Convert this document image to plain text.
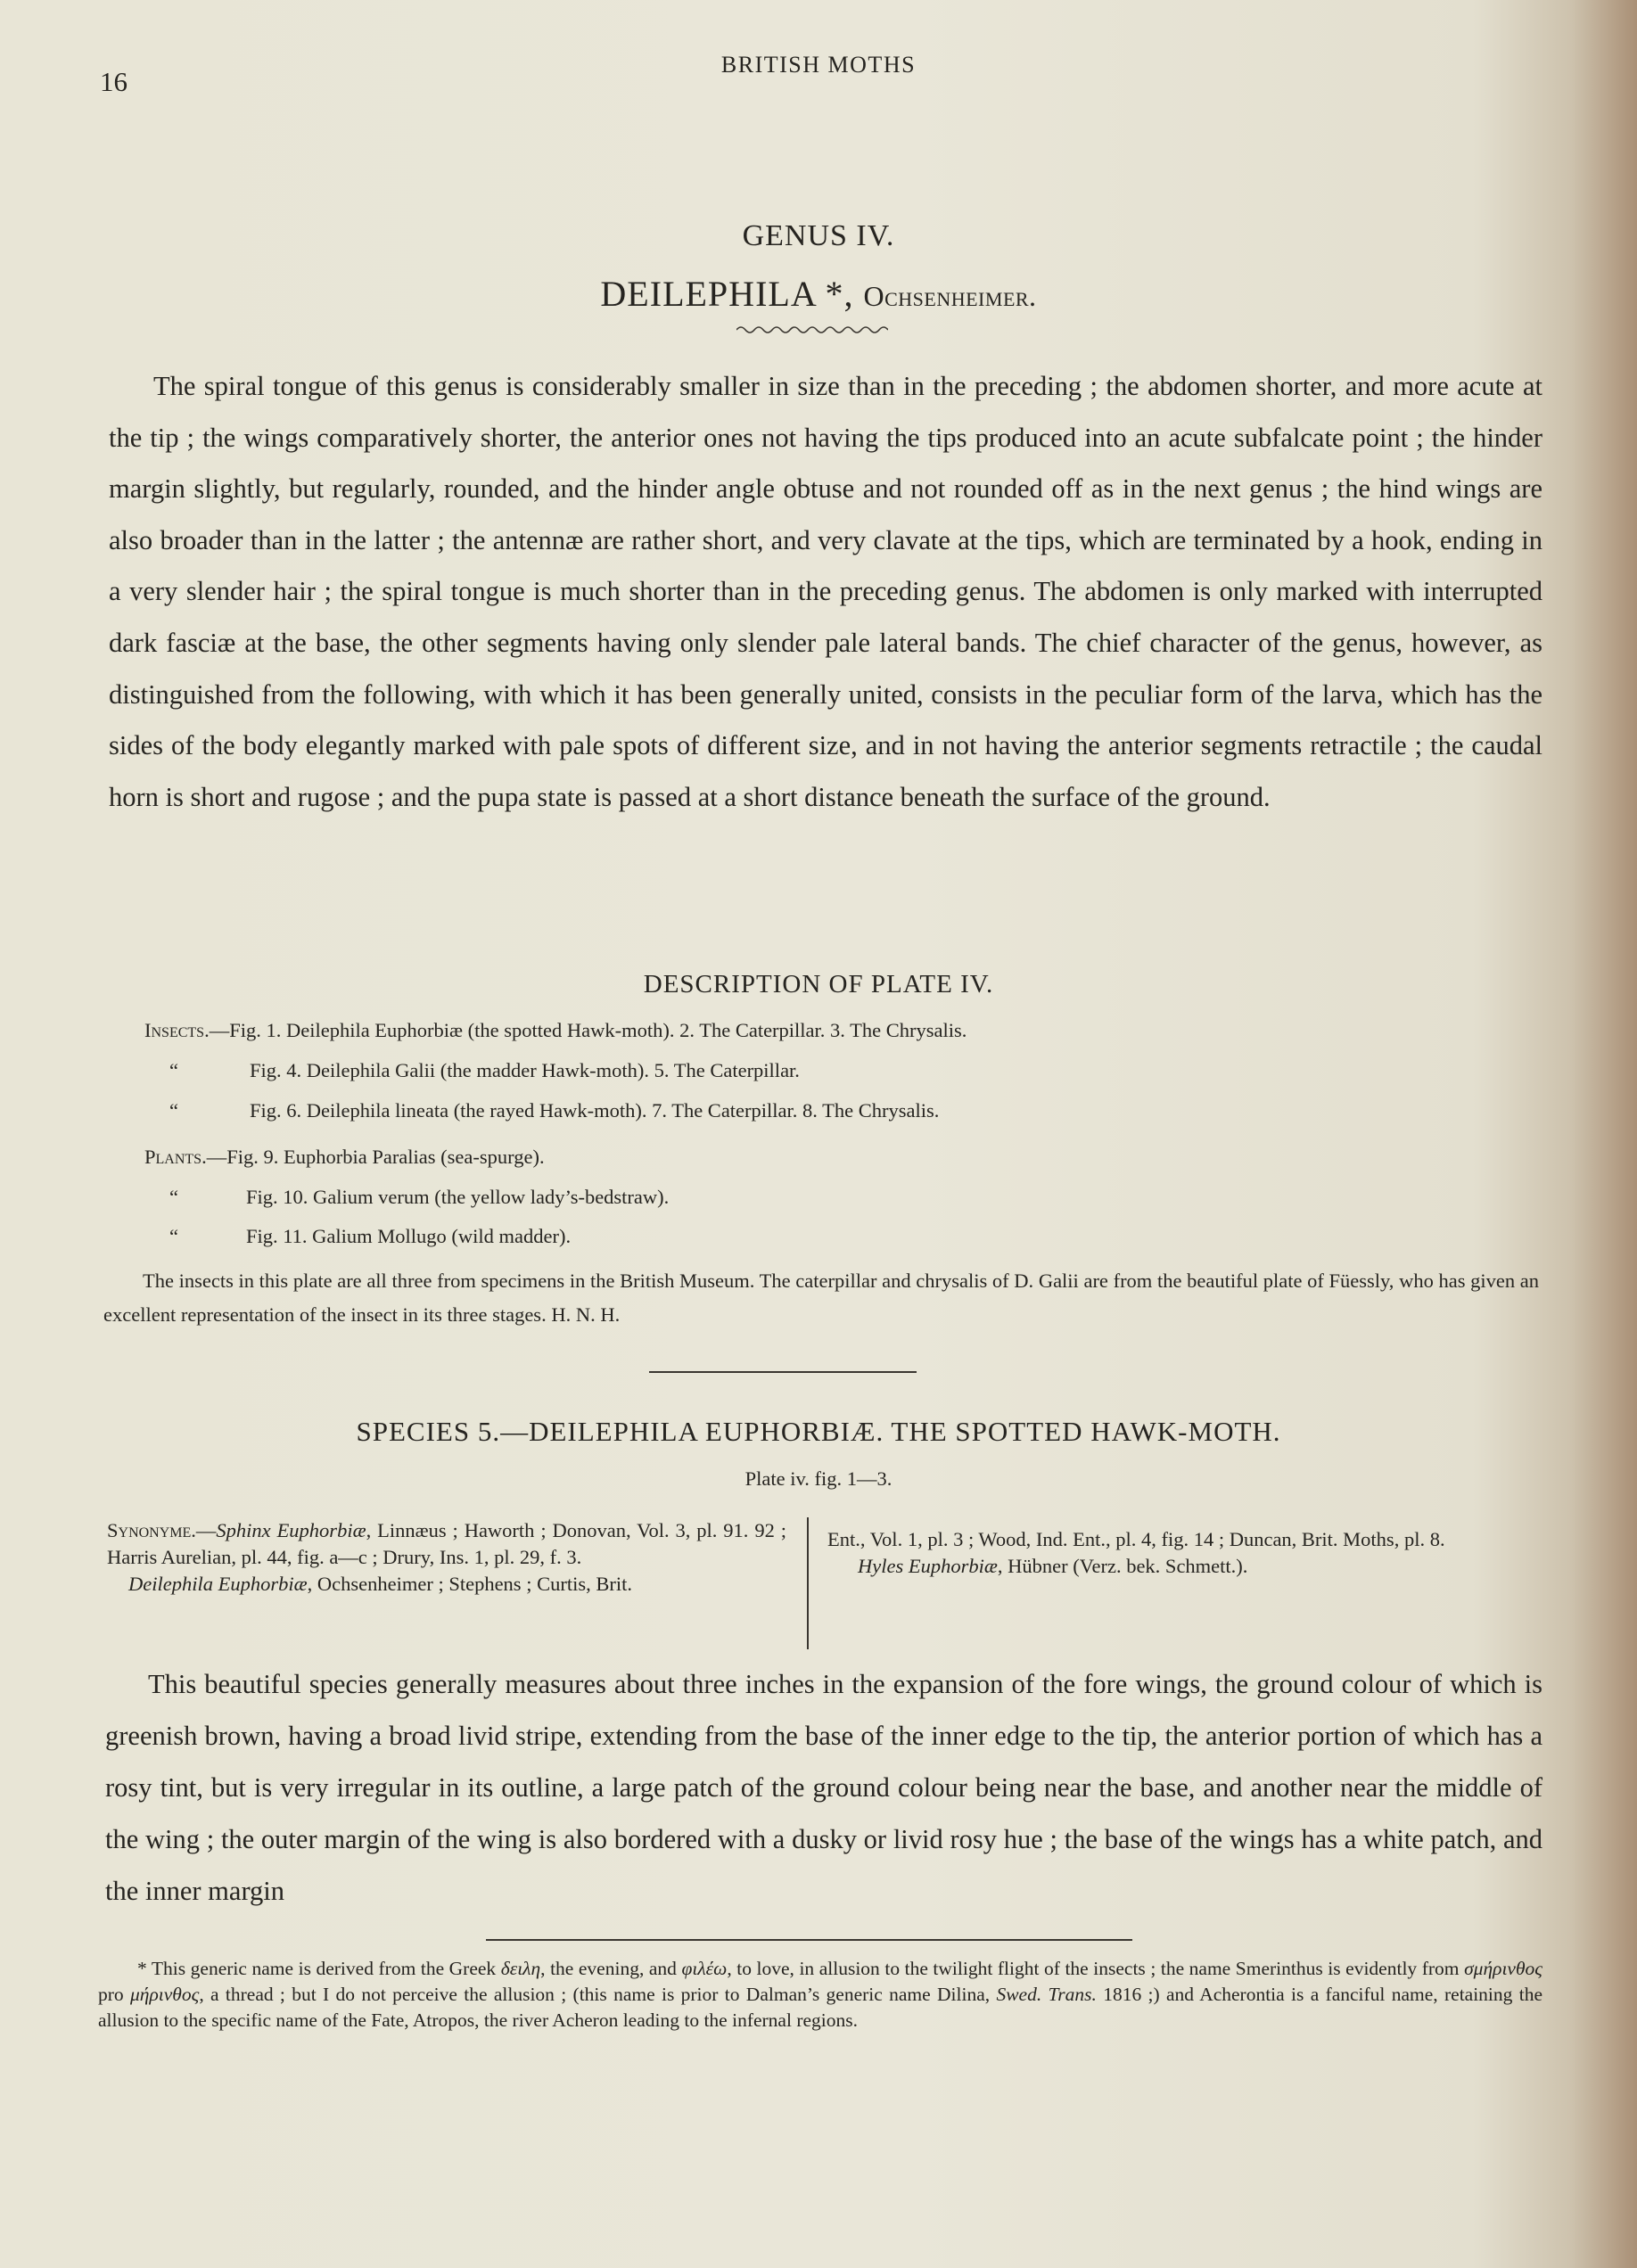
16
BRITISH MOTHS
GENUS IV.
DEILEPHILA *, Ochsenheimer.
The spiral tongue of this genus is considerably smaller in size than in the preceding ; the abdomen shorter, and more acute at the tip ; the wings comparatively shorter, the anterior ones not having the tips produced into an acute subfalcate point ; the hinder margin slightly, but regularly, rounded, and the hinder angle obtuse and not rounded off as in the next genus ; the hind wings are also broader than in the latter ; the antennæ are rather short, and very clavate at the tips, which are terminated by a hook, ending in a very slender hair ; the spiral tongue is much shorter than in the preceding genus. The abdomen is only marked with interrupted dark fasciæ at the base, the other segments having only slender pale lateral bands. The chief character of the genus, however, as distinguished from the following, with which it has been generally united, consists in the peculiar form of the larva, which has the sides of the body elegantly marked with pale spots of different size, and in not having the anterior segments retractile ; the caudal horn is short and rugose ; and the pupa state is passed at a short distance beneath the surface of the ground.
DESCRIPTION OF PLATE IV.
Insects.—Fig. 1. Deilephila Euphorbiæ (the spotted Hawk-moth). 2. The Caterpillar. 3. The Chrysalis.
“	Fig. 4. Deilephila Galii (the madder Hawk-moth). 5. The Caterpillar.
“	Fig. 6. Deilephila lineata (the rayed Hawk-moth). 7. The Caterpillar. 8. The Chrysalis.
Plants.—Fig. 9. Euphorbia Paralias (sea-spurge).
“	Fig. 10. Galium verum (the yellow lady’s-bedstraw).
“	Fig. 11. Galium Mollugo (wild madder).
The insects in this plate are all three from specimens in the British Museum. The caterpillar and chrysalis of D. Galii are from the beautiful plate of Füessly, who has given an excellent representation of the insect in its three stages. H. N. H.
SPECIES 5.—DEILEPHILA EUPHORBIÆ. THE SPOTTED HAWK-MOTH.
Plate iv. fig. 1—3.
Synonyme.—Sphinx Euphorbiæ, Linnæus ; Haworth ; Donovan, Vol. 3, pl. 91. 92 ; Harris Aurelian, pl. 44, fig. a—c ; Drury, Ins. 1, pl. 29, f. 3.
Deilephila Euphorbiæ, Ochsenheimer ; Stephens ; Curtis, Brit.
Ent., Vol. 1, pl. 3 ; Wood, Ind. Ent., pl. 4, fig. 14 ; Duncan, Brit. Moths, pl. 8.
Hyles Euphorbiæ, Hübner (Verz. bek. Schmett.).
This beautiful species generally measures about three inches in the expansion of the fore wings, the ground colour of which is greenish brown, having a broad livid stripe, extending from the base of the inner edge to the tip, the anterior portion of which has a rosy tint, but is very irregular in its outline, a large patch of the ground colour being near the base, and another near the middle of the wing ; the outer margin of the wing is also bordered with a dusky or livid rosy hue ; the base of the wings has a white patch, and the inner margin
* This generic name is derived from the Greek δειλη, the evening, and φιλέω, to love, in allusion to the twilight flight of the insects ; the name Smerinthus is evidently from σμήρινθος pro μήρινθος, a thread ; but I do not perceive the allusion ; (this name is prior to Dalman’s generic name Dilina, Swed. Trans. 1816 ;) and Acherontia is a fanciful name, retaining the allusion to the specific name of the Fate, Atropos, the river Acheron leading to the infernal regions.
